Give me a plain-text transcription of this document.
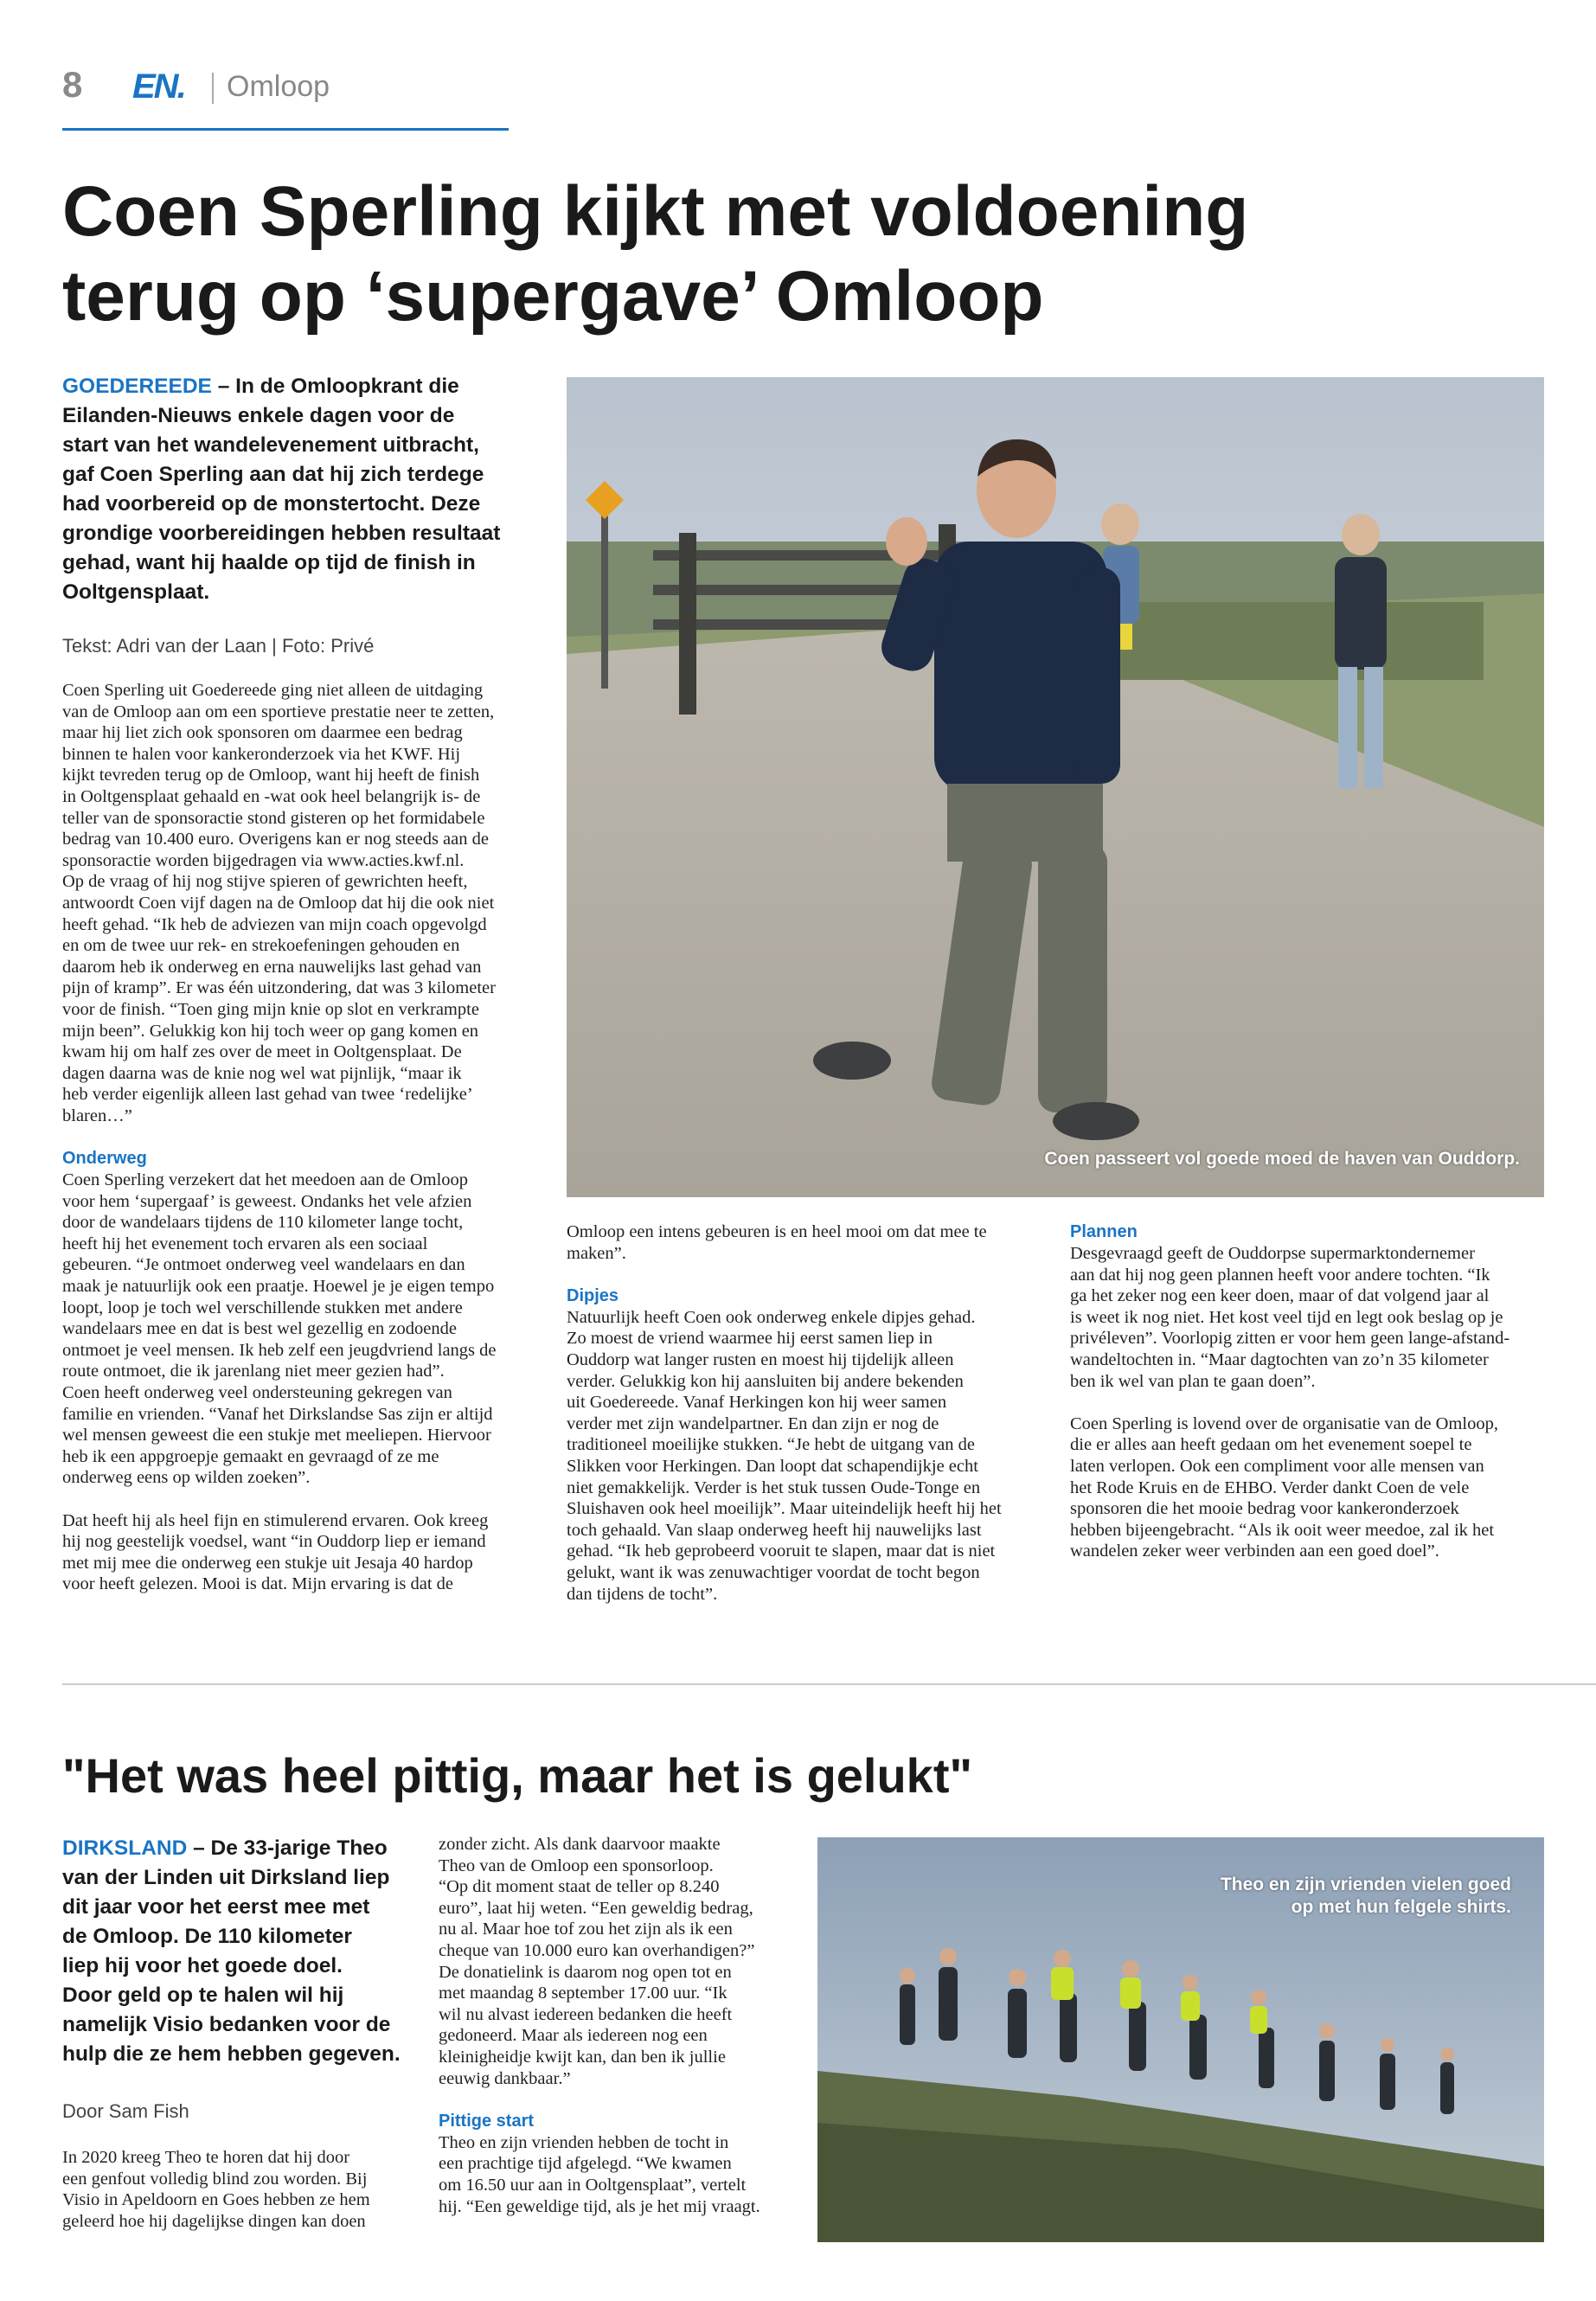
8 EN. Omloop
Coen Sperling kijkt met voldoening
terug op ‘supergave’ Omloop
GOEDEREEDE – In de Omloopkrant die
Eilanden-Nieuws enkele dagen voor de
start van het wandelevenement uitbracht,
gaf Coen Sperling aan dat hij zich terdege
had voorbereid op de monstertocht. Deze
grondige voorbereidingen hebben resultaat
gehad, want hij haalde op tijd de finish in
Ooltgensplaat.
Tekst: Adri van der Laan | Foto: Privé

Coen Sperling uit Goedereede ging niet alleen de uitdaging

van de Omloop aan om een sportieve prestatie neer te zetten,

maar hij liet zich ook sponsoren om daarmee een bedrag

binnen te halen voor kankeronderzoek via het KWF. Hij

kijkt tevreden terug op de Omloop, want hij heeft de finish

in Ooltgensplaat gehaald en -wat ook heel belangrijk is- de

teller van de sponsoractie stond gisteren op het formidabele

bedrag van 10.400 euro. Overigens kan er nog steeds aan de

sponsoractie worden bijgedragen via www.acties.kwf.nl.

Op de vraag of hij nog stijve spieren of gewrichten heeft,

antwoordt Coen vijf dagen na de Omloop dat hij die ook niet

heeft gehad. “Ik heb de adviezen van mijn coach opgevolgd

en om de twee uur rek- en strekoefeningen gehouden en

daarom heb ik onderweg en erna nauwelijks last gehad van

pijn of kramp”. Er was één uitzondering, dat was 3 kilometer

voor de finish. “Toen ging mijn knie op slot en verkrampte

mijn been”. Gelukkig kon hij toch weer op gang komen en

kwam hij om half zes over de meet in Ooltgensplaat. De

dagen daarna was de knie nog wel wat pijnlijk, “maar ik

heb verder eigenlijk alleen last gehad van twee ‘redelijke’

blaren…”

Onderweg

Coen Sperling verzekert dat het meedoen aan de Omloop

voor hem ‘supergaaf’ is geweest. Ondanks het vele afzien

door de wandelaars tijdens de 110 kilometer lange tocht,

heeft hij het evenement toch ervaren als een sociaal

gebeuren. “Je ontmoet onderweg veel wandelaars en dan

maak je natuurlijk ook een praatje. Hoewel je je eigen tempo

loopt, loop je toch wel verschillende stukken met andere

wandelaars mee en dat is best wel gezellig en zodoende

ontmoet je veel mensen. Ik heb zelf een jeugdvriend langs de

route ontmoet, die ik jarenlang niet meer gezien had”.

Coen heeft onderweg veel ondersteuning gekregen van

familie en vrienden. “Vanaf het Dirkslandse Sas zijn er altijd

wel mensen geweest die een stukje met meeliepen. Hiervoor

heb ik een appgroepje gemaakt en gevraagd of ze me

onderweg eens op wilden zoeken”.

Dat heeft hij als heel fijn en stimulerend ervaren. Ook kreeg

hij nog geestelijk voedsel, want “in Ouddorp liep er iemand

met mij mee die onderweg een stukje uit Jesaja 40 hardop

voor heeft gelezen. Mooi is dat. Mijn ervaring is dat de

Coen passeert vol goede moed de haven van Ouddorp.

Omloop een intens gebeuren is en heel mooi om dat mee te

maken”.

Dipjes

Natuurlijk heeft Coen ook onderweg enkele dipjes gehad.

Zo moest de vriend waarmee hij eerst samen liep in

Ouddorp wat langer rusten en moest hij tijdelijk alleen

verder. Gelukkig kon hij aansluiten bij andere bekenden

uit Goedereede. Vanaf Herkingen kon hij weer samen

verder met zijn wandelpartner. En dan zijn er nog de

traditioneel moeilijke stukken. “Je hebt de uitgang van de

Slikken voor Herkingen. Dan loopt dat schapendijkje echt

niet gemakkelijk. Verder is het stuk tussen Oude-Tonge en

Sluishaven ook heel moeilijk”. Maar uiteindelijk heeft hij het

toch gehaald. Van slaap onderweg heeft hij nauwelijks last

gehad. “Ik heb geprobeerd vooruit te slapen, maar dat is niet

gelukt, want ik was zenuwachtiger voordat de tocht begon

dan tijdens de tocht”.

Plannen

Desgevraagd geeft de Ouddorpse supermarktondernemer

aan dat hij nog geen plannen heeft voor andere tochten. “Ik

ga het zeker nog een keer doen, maar of dat volgend jaar al

is weet ik nog niet. Het kost veel tijd en legt ook beslag op je

privéleven”. Voorlopig zitten er voor hem geen lange-afstand-

wandeltochten in. “Maar dagtochten van zo’n 35 kilometer

ben ik wel van plan te gaan doen”.

Coen Sperling is lovend over de organisatie van de Omloop,

die er alles aan heeft gedaan om het evenement soepel te

laten verlopen. Ook een compliment voor alle mensen van

het Rode Kruis en de EHBO. Verder dankt Coen de vele

sponsoren die het mooie bedrag voor kankeronderzoek

hebben bijeengebracht. “Als ik ooit weer meedoe, zal ik het

wandelen zeker weer verbinden aan een goed doel”.

"Het was heel pittig, maar het is gelukt"
DIRKSLAND – De 33-jarige Theo
van der Linden uit Dirksland liep
dit jaar voor het eerst mee met
de Omloop. De 110 kilometer
liep hij voor het goede doel.
Door geld op te halen wil hij
namelijk Visio bedanken voor de
hulp die ze hem hebben gegeven.
Door Sam Fish

In 2020 kreeg Theo te horen dat hij door

een genfout volledig blind zou worden. Bij

Visio in Apeldoorn en Goes hebben ze hem

geleerd hoe hij dagelijkse dingen kan doen

zonder zicht. Als dank daarvoor maakte

Theo van de Omloop een sponsorloop.

“Op dit moment staat de teller op 8.240

euro”, laat hij weten. “Een geweldig bedrag,

nu al. Maar hoe tof zou het zijn als ik een

cheque van 10.000 euro kan overhandigen?”

De donatielink is daarom nog open tot en

met maandag 8 september 17.00 uur. “Ik

wil nu alvast iedereen bedanken die heeft

gedoneerd. Maar als iedereen nog een

kleinigheidje kwijt kan, dan ben ik jullie

eeuwig dankbaar.”

Pittige start

Theo en zijn vrienden hebben de tocht in

een prachtige tijd afgelegd. “We kwamen

om 16.50 uur aan in Ooltgensplaat”, vertelt

hij. “Een geweldige tijd, als je het mij vraagt.

Theo en zijn vrienden vielen goed
op met hun felgele shirts.
